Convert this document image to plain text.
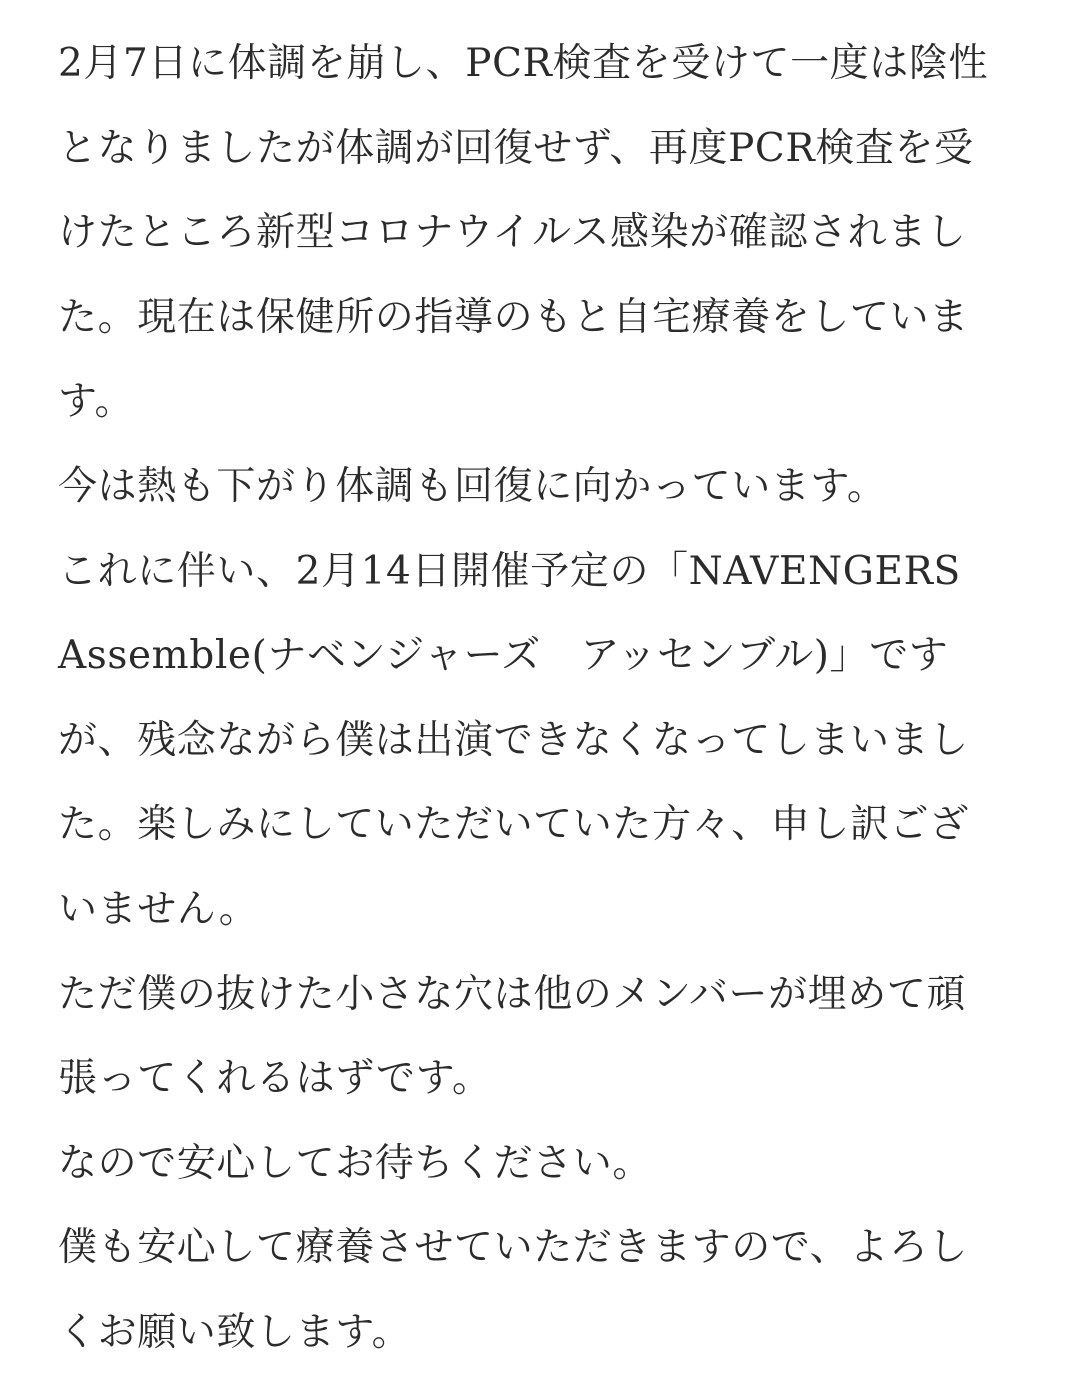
2月7日に体調を崩し、PCR検査を受けて一度は陰性
となりましたが体調が回復せず、再度PCR検査を受
けたところ新型コロナウイルス感染が確認されまし
た。現在は保健所の指導のもと自宅療養をしていま
す。
今は熱も下がり体調も回復に向かっています。
これに伴い、2月14日開催予定の「NAVENGERS
Assemble(ナベンジャーズ　アッセンブル)」です
が、残念ながら僕は出演できなくなってしまいまし
た。楽しみにしていただいていた方々、申し訳ござ
いません。
ただ僕の抜けた小さな穴は他のメンバーが埋めて頑
張ってくれるはずです。
なので安心してお待ちください。
僕も安心して療養させていただきますので、よろし
くお願い致します。
